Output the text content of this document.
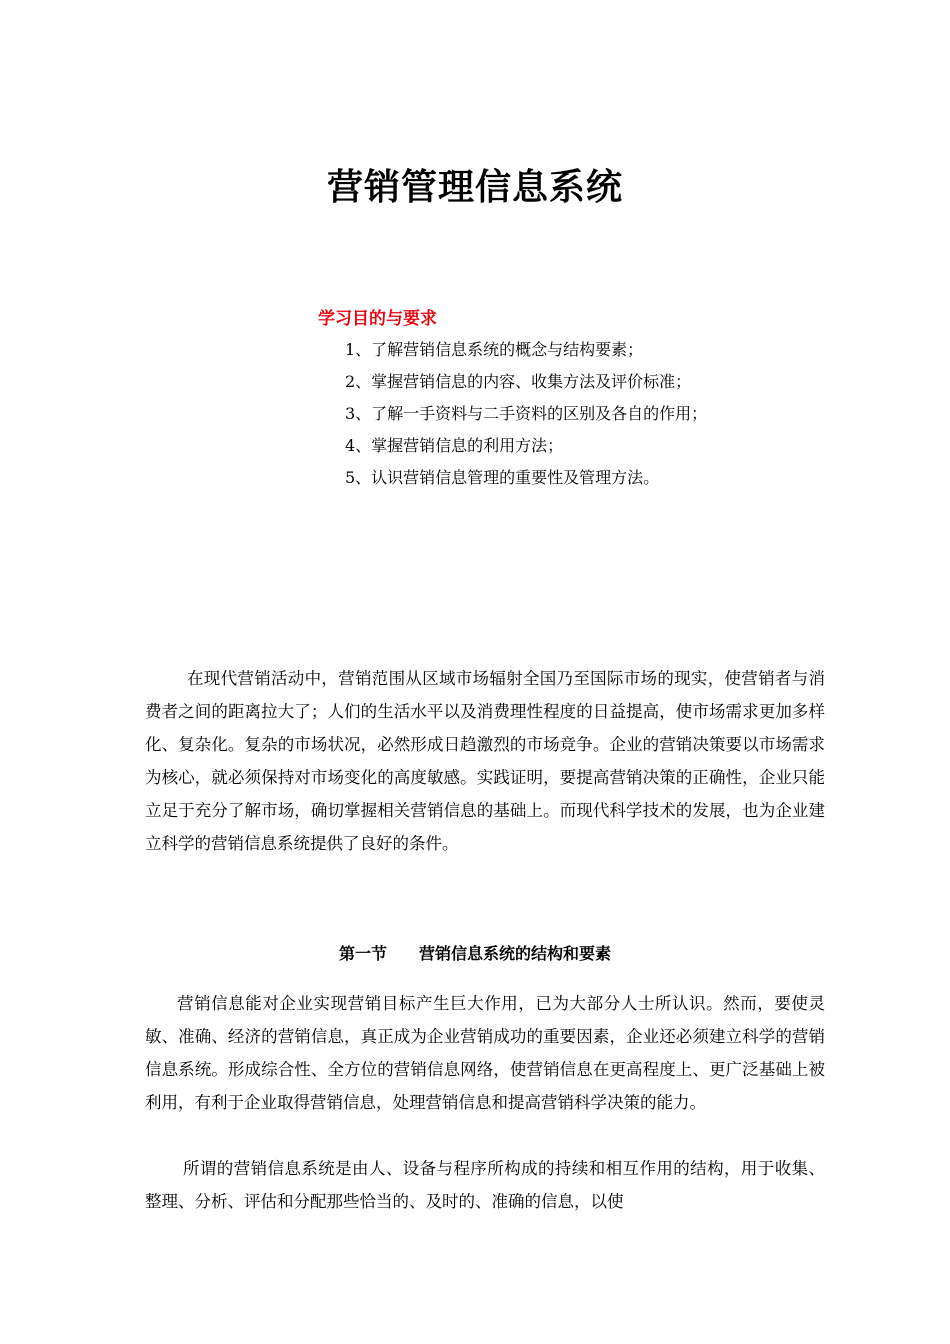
营销管理信息系统
学习目的与要求
1、了解营销信息系统的概念与结构要素；
2、掌握营销信息的内容、收集方法及评价标准；
3、了解一手资料与二手资料的区别及各自的作用；
4、掌握营销信息的利用方法；
5、认识营销信息管理的重要性及管理方法。

在现代营销活动中，营销范围从区域市场辐射全国乃至国际市场的现实，使营销者与消费者之间的距离拉大了；人们的生活水平以及消费理性程度的日益提高，使市场需求更加多样化、复杂化。复杂的市场状况，必然形成日趋激烈的市场竞争。企业的营销决策要以市场需求为核心，就必须保持对市场变化的高度敏感。实践证明，要提高营销决策的正确性，企业只能立足于充分了解市场，确切掌握相关营销信息的基础上。而现代科学技术的发展，也为企业建立科学的营销信息系统提供了良好的条件。

第一节　　营销信息系统的结构和要素

营销信息能对企业实现营销目标产生巨大作用，已为大部分人士所认识。然而，要使灵敏、准确、经济的营销信息，真正成为企业营销成功的重要因素，企业还必须建立科学的营销信息系统。形成综合性、全方位的营销信息网络，使营销信息在更高程度上、更广泛基础上被利用，有利于企业取得营销信息，处理营销信息和提高营销科学决策的能力。

所谓的营销信息系统是由人、设备与程序所构成的持续和相互作用的结构，用于收集、整理、分析、评估和分配那些恰当的、及时的、准确的信息，以使
